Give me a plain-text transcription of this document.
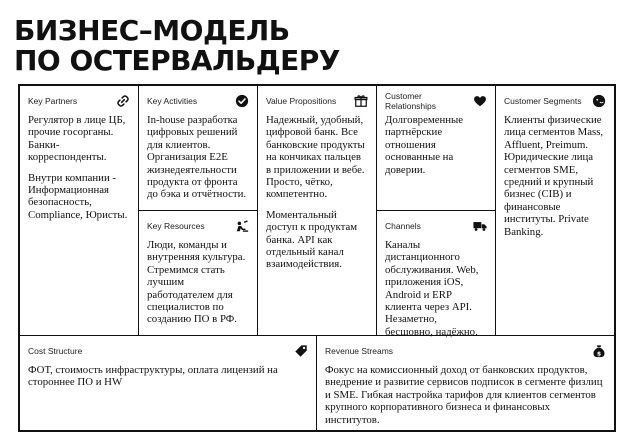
БИЗНЕС–МОДЕЛЬ
ПО ОСТЕРВАЛЬДЕРУ
Key Partners

Регулятор в лице ЦБ, прочие госорганы. Банки-корреспонденты.

Внутри компании - Информационная безопасность, Compliance, Юристы.

Key Activities

In-house разработка цифровых решений для клиентов. Организация E2E жизнедеятельности продукта от фронта до бэка и отчётности.

Key Resources

Люди, команды и внутренняя культура. Стремимся стать лучшим работодателем для специалистов по созданию ПО в РФ.

Value Propositions

Надежный, удобный, цифровой банк. Все банковские продукты на кончиках пальцев в приложении и вебе. Просто, чётко, компетентно.

Моментальный доступ к продуктам банка. API как отдельный канал взаимодействия.

Customer Relationships

Долговременные партнёрские отношения основанные на доверии.

Channels

Каналы дистанционного обслуживания. Web, приложения iOS, Android и ERP клиента через API. Незаметно, бесшовно, надёжно.

Customer Segments

Клиенты физические лица сегментов Mass, Affluent, Preimum. Юридические лица сегментов SME, средний и крупный бизнес (CIB) и финансовые институты. Private Banking.

Cost Structure

ФОТ, стоимость инфраструктуры, оплата лицензий на стороннее ПО и HW

Revenue Streams	$

Фокус на комиссионный доход от банковских продуктов, внедрение и развитие сервисов подписок в сегменте физлиц и SME. Гибкая настройка тарифов для клиентов сегментов крупного корпоративного бизнеса и финансовых институтов.
